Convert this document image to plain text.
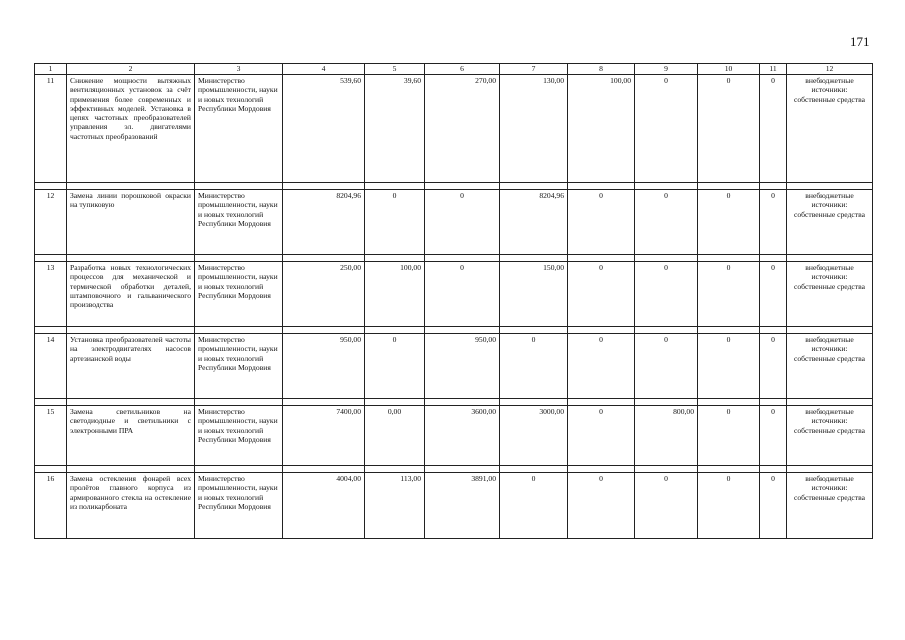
171
1	2	3	4	5	6	7	8	9	10	11	12
11	Снижение мощности вытяжных вентиляционных установок за счёт применения более современных и эффективных моделей. Установка в цепях частотных преобразователей управления эл. двигателями частотных преобразований	Министерство промышленности, науки и новых технологий Республики Мордовия	539,60	39,60	270,00	130,00	100,00	0	0	0	внебюджетные источники: собственные средства

12	Замена линии порошковой окраски на тупиковую	Министерство промышленности, науки и новых технологий Республики Мордовия	8204,96	0	0	8204,96	0	0	0	0	внебюджетные источники: собственные средства

13	Разработка новых технологических процессов для механической и термической обработки деталей, штамповочного и гальванического производства	Министерство промышленности, науки и новых технологий Республики Мордовия	250,00	100,00	0	150,00	0	0	0	0	внебюджетные источники: собственные средства

14	Установка преобразователей частоты на электродвигателях насосов артезианской воды	Министерство промышленности, науки и новых технологий Республики Мордовия	950,00	0	950,00	0	0	0	0	0	внебюджетные источники: собственные средства

15	Замена светильников на светодиодные и светильники с электронными ПРА	Министерство промышленности, науки и новых технологий Республики Мордовия	7400,00	0,00	3600,00	3000,00	0	800,00	0	0	внебюджетные источники: собственные средства

16	Замена остекления фонарей всех пролётов главного корпуса из армированного стекла на остекление из поликарбоната	Министерство промышленности, науки и новых технологий Республики Мордовия	4004,00	113,00	3891,00	0	0	0	0	0	внебюджетные источники: собственные средства
